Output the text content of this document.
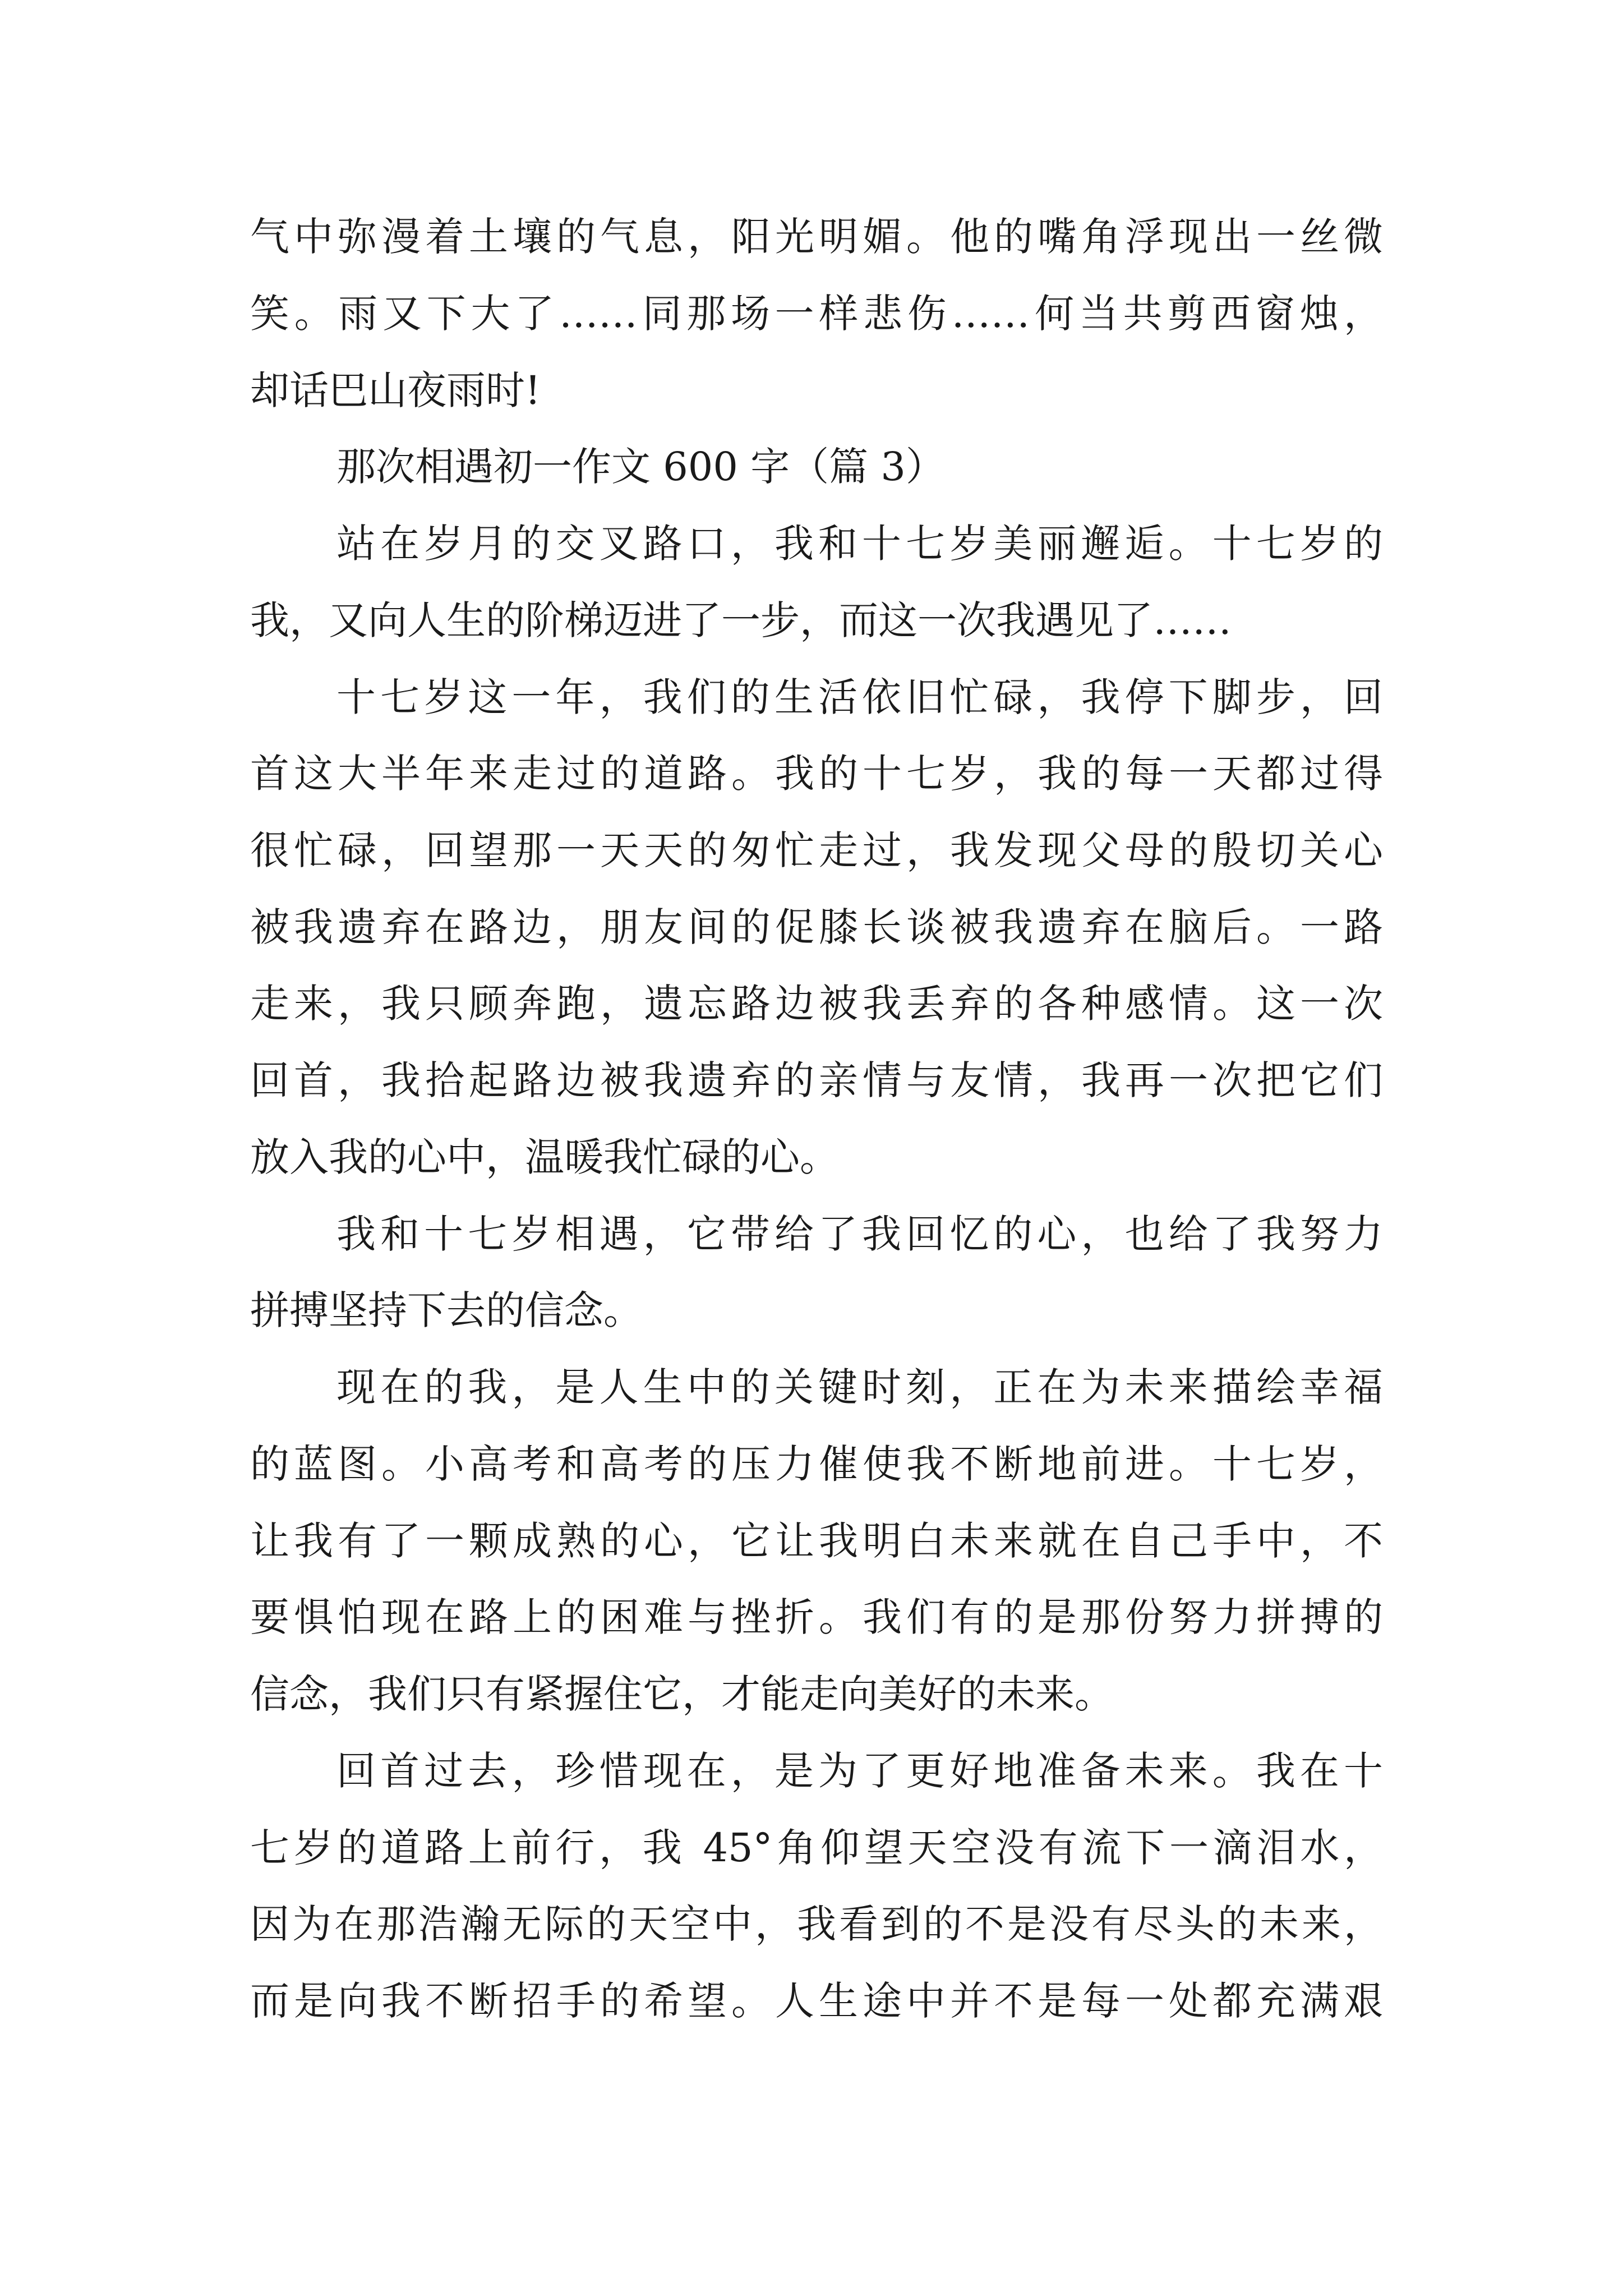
气中弥漫着土壤的气息，阳光明媚。他的嘴角浮现出一丝微
笑。雨又下大了……同那场一样悲伤……何当共剪西窗烛，
却话巴山夜雨时!
那次相遇初一作文 600 字（篇 3）
站在岁月的交叉路口，我和十七岁美丽邂逅。十七岁的
我，又向人生的阶梯迈进了一步，而这一次我遇见了……
十七岁这一年，我们的生活依旧忙碌，我停下脚步，回
首这大半年来走过的道路。我的十七岁，我的每一天都过得
很忙碌，回望那一天天的匆忙走过，我发现父母的殷切关心
被我遗弃在路边，朋友间的促膝长谈被我遗弃在脑后。一路
走来，我只顾奔跑，遗忘路边被我丢弃的各种感情。这一次
回首，我拾起路边被我遗弃的亲情与友情，我再一次把它们
放入我的心中，温暖我忙碌的心。
我和十七岁相遇，它带给了我回忆的心，也给了我努力
拼搏坚持下去的信念。
现在的我，是人生中的关键时刻，正在为未来描绘幸福
的蓝图。小高考和高考的压力催使我不断地前进。十七岁，
让我有了一颗成熟的心，它让我明白未来就在自己手中，不
要惧怕现在路上的困难与挫折。我们有的是那份努力拼搏的
信念，我们只有紧握住它，才能走向美好的未来。
回首过去，珍惜现在，是为了更好地准备未来。我在十
七岁的道路上前行，我 45°角仰望天空没有流下一滴泪水，
因为在那浩瀚无际的天空中，我看到的不是没有尽头的未来，
而是向我不断招手的希望。人生途中并不是每一处都充满艰
